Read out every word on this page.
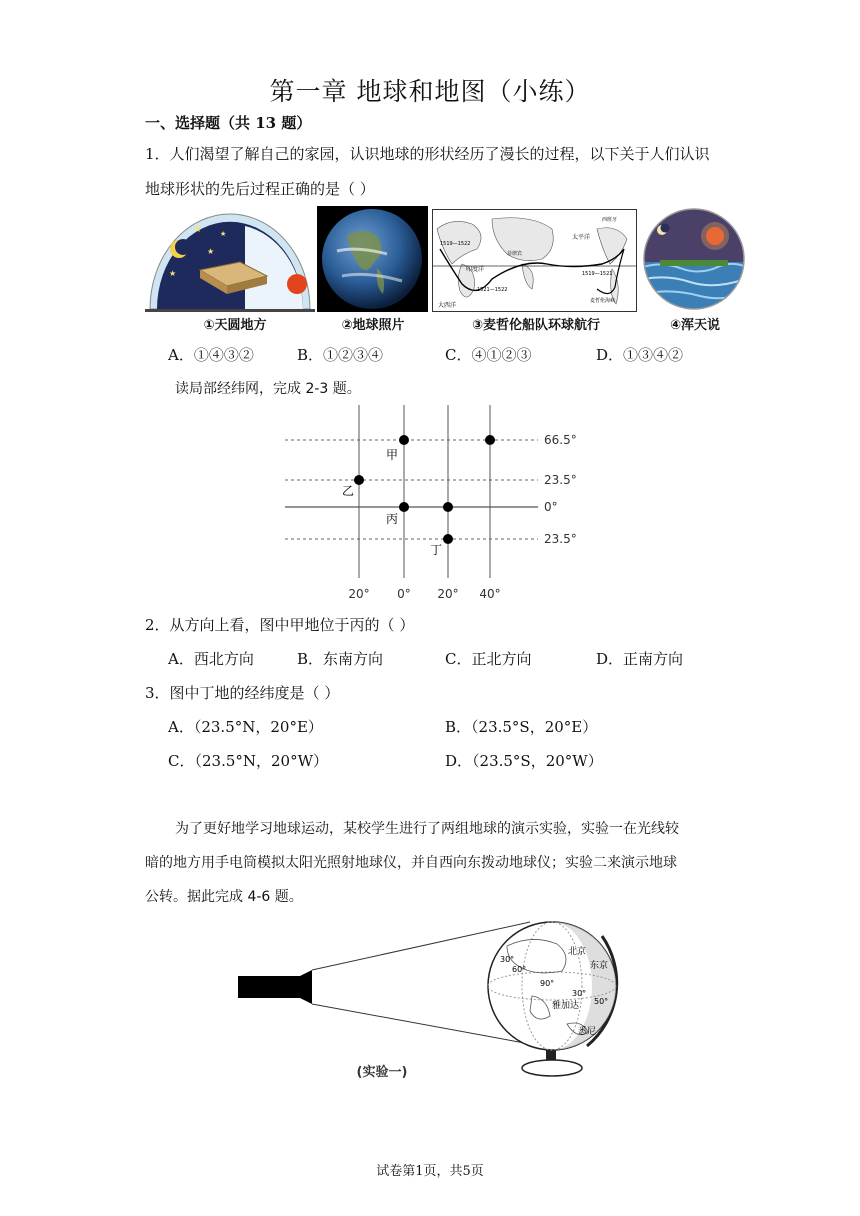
第一章 地球和地图（小练）
一、选择题（共 13 题）
1．人们渴望了解自己的家园，认识地球的形状经历了漫长的过程，以下关于人们认识
地球形状的先后过程正确的是（ ）
★
★
★
★
①天圆地方	②地球照片
太平洋
印度洋
大西洋
西班牙
菲律宾
1519—1522
1521—1522
1519—1521
麦哲伦海峡
③麦哲伦船队环球航行	④浑天说
A．①④③②	B．①②③④	C．④①②③	D．①③④②
读局部经纬网，完成 2-3 题。
甲
乙
丙
丁
66.5°
23.5°
0°
23.5°
20° 0° 20° 40°
2．从方向上看，图中甲地位于丙的（ ）
A．西北方向	B．东南方向	C．正北方向	D．正南方向
3．图中丁地的经纬度是（ ）
A．（23.5°N，20°E）	B．（23.5°S，20°E）
C．（23.5°N，20°W）	D．（23.5°S，20°W）
为了更好地学习地球运动，某校学生进行了两组地球的演示实验，实验一在光线较
暗的地方用手电筒模拟太阳光照射地球仪，并自西向东拨动地球仪；实验二来演示地球
公转。据此完成 4-6 题。
北京
东京
雅加达
悉尼
60°
30°
90°
30°
50°
(实验一)
试卷第1页，共5页
